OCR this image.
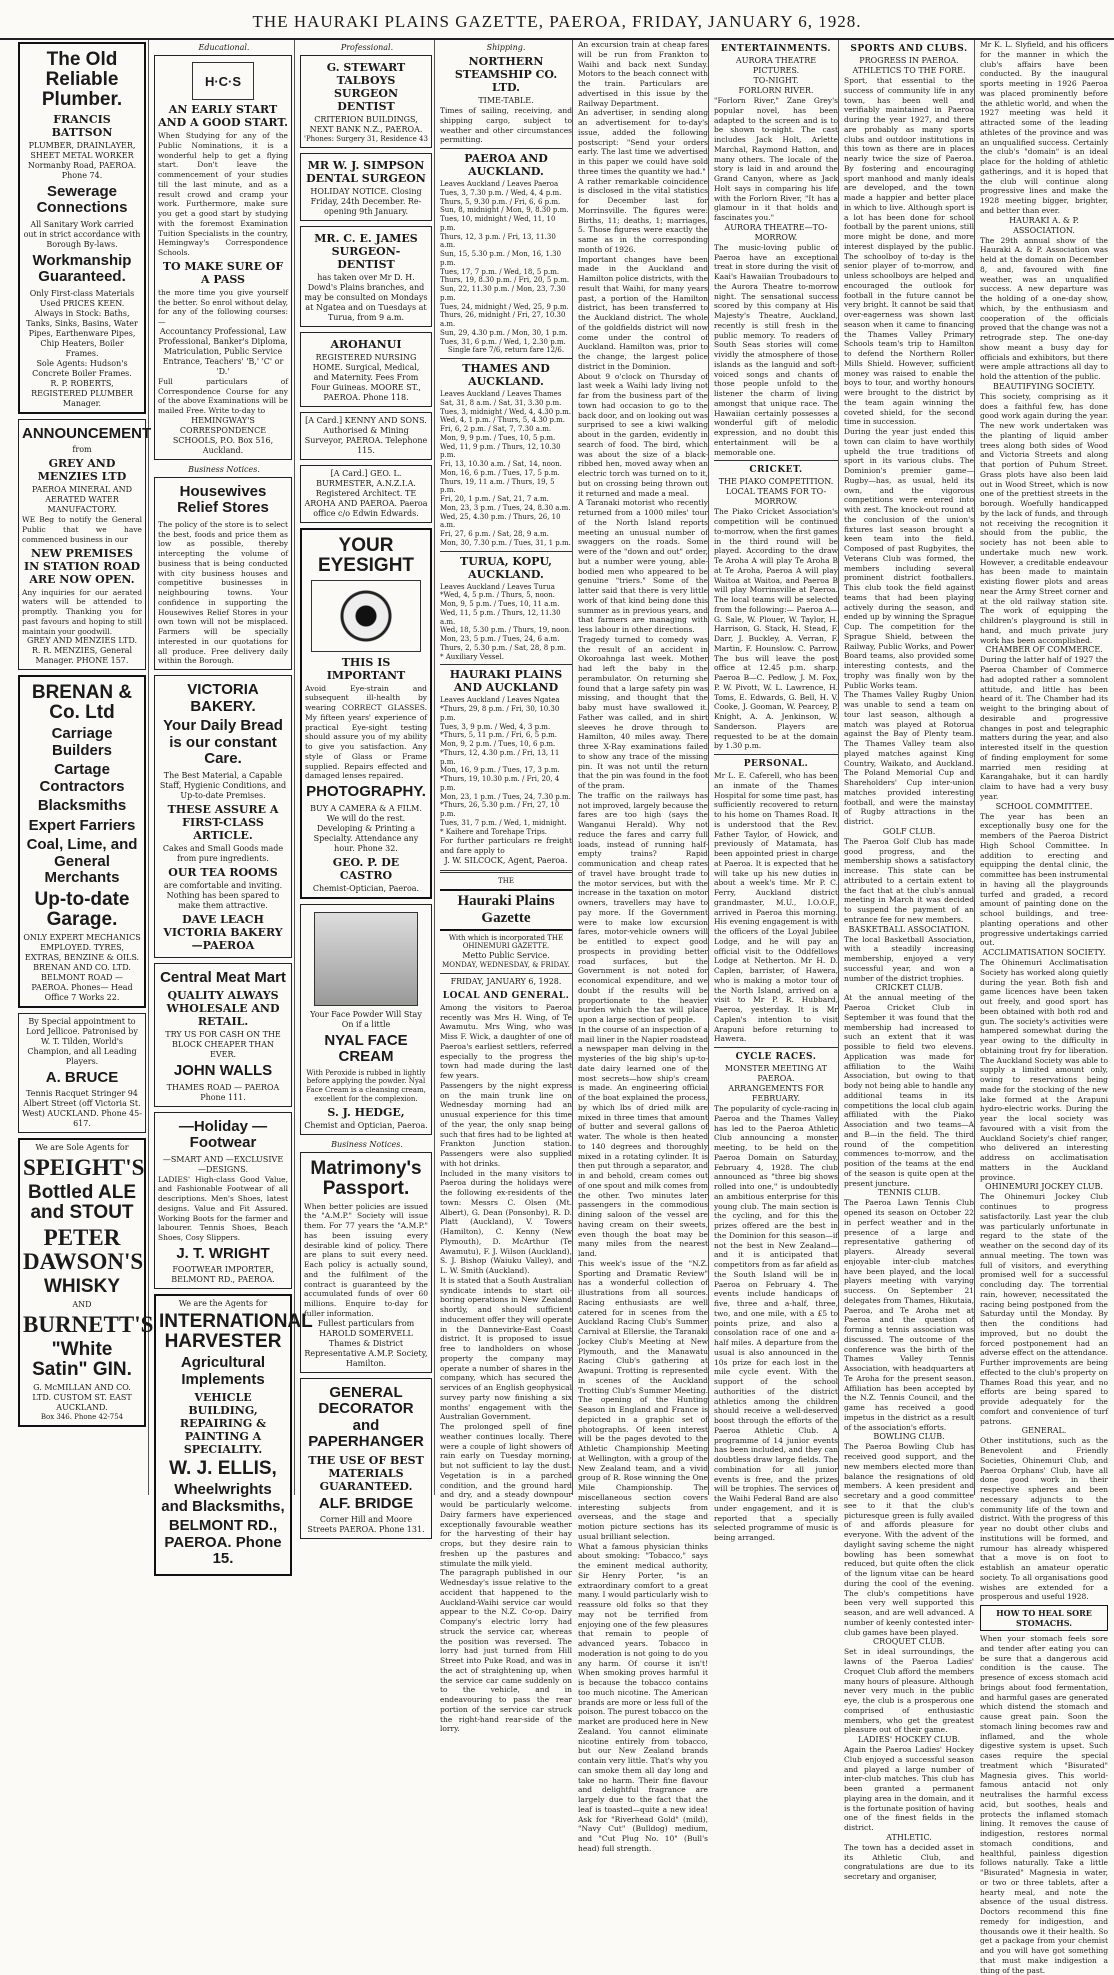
THE HAURAKI PLAINS GAZETTE, PAEROA, FRIDAY, JANUARY 6, 1928.
The Old Reliable Plumber.
FRANCIS BATTSON
PLUMBER, DRAINLAYER, SHEET METAL WORKER
Normanby Road, PAEROA. Phone 74.
Sewerage Connections
All Sanitary Work carried out in strict accordance with Borough By-laws.
Workmanship Guaranteed.
Only First-class Materials Used PRICES KEEN.
Always in Stock: Baths, Tanks, Sinks, Basins, Water Pipes, Earthenware Pipes, Chip Heaters, Boiler Frames.
Sole Agents: Hudson's Concrete Boiler Frames.
R. P. ROBERTS, REGISTERED PLUMBER Manager.
ANNOUNCEMENT
from
GREY AND MENZIES LTD
PAEROA MINERAL AND AERATED WATER MANUFACTORY.
WE Beg to notify the General Public that we have commenced business in our
NEW PREMISES IN STATION ROAD ARE NOW OPEN.
Any inquiries for our aerated waters will be attended to promptly. Thanking you for past favours and hoping to still maintain your goodwill.
GREY AND MENZIES LTD. R. R. MENZIES, General Manager. PHONE 157.
BRENAN & Co. Ltd
Carriage Builders
Cartage Contractors
Blacksmiths
Expert Farriers
Coal, Lime, and General Merchants
Up-to-date Garage.
ONLY EXPERT MECHANICS EMPLOYED. TYRES, EXTRAS, BENZINE & OILS.
BRENAN AND CO. LTD. BELMONT ROAD — PAEROA. Phones— Head Office 7 Works 22.
By Special appointment to Lord Jellicoe. Patronised by W. T. Tilden, World's Champion, and all Leading Players.
A. BRUCE
Tennis Racquet Stringer 94 Albert Street (off Victoria St. West) AUCKLAND. Phone 45-617.
We are Sole Agents for
SPEIGHT'S
Bottled ALE and STOUT
PETER DAWSON'S
WHISKY
AND
BURNETT'S
"White Satin" GIN.
G. McMILLAN AND CO. LTD. CUSTOM ST. EAST AUCKLAND.
Box 346. Phone 42-754
Educational.
H·C·S
AN EARLY START AND A GOOD START.
When Studying for any of the Public Nominations, it is a wonderful help to get a flying start. Don't leave the commencement of your studies till the last minute, and as a result crowd and cramp your work. Furthermore, make sure you get a good start by studying with the foremost Examination Tuition Specialists in the country, Hemingway's Correspondence Schools.
TO MAKE SURE OF A PASS
the more time you give yourself the better. So enrol without delay, for any of the following courses:—
Accountancy Professional, Law Professional, Banker's Diploma, Matriculation, Public Service Entrance, Teachers' 'B,' 'C' or 'D.'
Full particulars of Correspondence Course for any of the above Examinations will be mailed Free. Write to-day to
HEMINGWAY'S CORRESPONDENCE SCHOOLS, P.O. Box 516, Auckland.
Business Notices.
Housewives Relief Stores
The policy of the store is to select the best, foods and price them as low as possible, thereby intercepting the volume of business that is being conducted with city business houses and competitive businesses in neighbouring towns. Your confidence in supporting the Housewives Relief Stores in your own town will not be misplaced. Farmers will be specially interested in our quotations for all produce. Free delivery daily within the Borough.
VICTORIA BAKERY.
Your Daily Bread is our constant Care.
The Best Material, a Capable Staff, Hygienic Conditions, and Up-to-date Premises.
THESE ASSURE A FIRST-CLASS ARTICLE.
Cakes and Small Goods made from pure ingredients.
OUR TEA ROOMS
are comfortable and inviting. Nothing has been spared to make them attractive.
DAVE LEACH VICTORIA BAKERY—PAEROA
Central Meat Mart
QUALITY ALWAYS WHOLESALE AND RETAIL.
TRY US FOR CASH ON THE BLOCK CHEAPER THAN EVER.
JOHN WALLS
THAMES ROAD — PAEROA Phone 111.
—Holiday —Footwear
—SMART AND —EXCLUSIVE —DESIGNS.
LADIES' High-class Good Value, and Fashionable Footwear of all descriptions. Men's Shoes, latest designs. Value and Fit Assured. Working Boots for the farmer and labourer. Tennis Shoes, Beach Shoes, Cosy Slippers.
J. T. WRIGHT
FOOTWEAR IMPORTER, BELMONT RD., PAEROA.
We are the Agents for
INTERNATIONAL HARVESTER
Agricultural Implements
VEHICLE BUILDING, REPAIRING & PAINTING A SPECIALITY.
W. J. ELLIS,
Wheelwrights and Blacksmiths,
BELMONT RD., PAEROA. Phone 15.
Professional.
G. STEWART TALBOYS SURGEON DENTIST
CRITERION BUILDINGS, NEXT BANK N.Z., PAEROA.
'Phones: Surgery 31, Residence 43
MR W. J. SIMPSON DENTAL SURGEON
HOLIDAY NOTICE. Closing Friday, 24th December. Re-opening 9th January.
MR. C. E. JAMES SURGEON-DENTIST
has taken over Mr D. H. Dowd's Plains branches, and may be consulted on Mondays at Ngatea and on Tuesdays at Turua, from 9 a.m.
AROHANUI
REGISTERED NURSING HOME. Surgical, Medical, and Maternity. Fees From Four Guineas. MOORE ST., PAEROA. Phone 118.
[A Card.] KENNY AND SONS. Authorised & Mining Surveyor, PAEROA. Telephone 115.
[A Card.] GEO. L. BURMESTER, A.N.Z.I.A. Registered Architect. TE AROHA AND PAEROA. Paeroa office c/o Edwin Edwards.
YOUR EYESIGHT
THIS IS IMPORTANT
Avoid Eye-strain and subsequent ill-health by wearing CORRECT GLASSES. My fifteen years' experience of practical Eye-sight testing should assure you of my ability to give you satisfaction. Any style of Glass or Frame supplied. Repairs effected and damaged lenses repaired.
PHOTOGRAPHY.
BUY A CAMERA & A FILM. We will do the rest. Developing & Printing a Specialty. Attendance any hour. Phone 32.
GEO. P. DE CASTRO
Chemist-Optician, Paeroa.
Your Face Powder Will Stay On if a little
NYAL FACE CREAM
With Peroxide is rubbed in lightly before applying the powder. Nyal Face Cream is a cleansing cream, excellent for the complexion.
S. J. HEDGE,
Chemist and Optician, Paeroa.
Business Notices.
Matrimony's Passport.
When better policies are issued the "A.M.P." Society will issue them. For 77 years the "A.M.P." has been issuing every desirable kind of policy. There are plans to suit every need. Each policy is actually sound, and the fulfilment of the contract is guaranteed by the accumulated funds of over 60 millions. Enquire to-day for fuller information.
Fullest particulars from HAROLD SOMERVELL Thames & District Representative A.M.P. Society, Hamilton.
GENERAL DECORATOR and PAPERHANGER
THE USE OF BEST MATERIALS GUARANTEED.
ALF. BRIDGE
Corner Hill and Moore Streets PAEROA. Phone 131.
Shipping.
NORTHERN STEAMSHIP CO. LTD.
TIME-TABLE.
Times of sailing, receiving, and shipping cargo, subject to weather and other circumstances permitting.
PAEROA AND AUCKLAND.
Leaves Auckland / Leaves Paeroa
Tues, 3, 7.30 p.m. / Wed, 4, 4 p.m.
Thurs, 5, 9.30 p.m. / Fri, 6, 6 p.m.
Sun, 8, midnight / Mon, 9, 8.30 p.m.
Tues, 10, midnight / Wed, 11, 10 p.m.
Thurs, 12, 3 p.m. / Fri, 13, 11.30 a.m.
Sun, 15, 5.30 p.m. / Mon, 16, 1.30 p.m.
Tues, 17, 7 p.m. / Wed, 18, 5 p.m.
Thurs, 19, 8.30 p.m. / Fri, 20, 5 p.m.
Sun, 22, 11.30 p.m. / Mon, 23, 7.30 p.m.
Tues, 24, midnight / Wed, 25, 9 p.m.
Thurs, 26, midnight / Fri, 27, 10.30 a.m.
Sun, 29, 4.30 p.m. / Mon, 30, 1 p.m.
Tues, 31, 6 p.m. / Wed, 1, 2.30 p.m.
Single fare 7/6, return fare 12/6.
THAMES AND AUCKLAND.
Leaves Auckland / Leaves Thames
Sat, 31, 8 a.m. / Sat, 31, 3.30 p.m.
Tues, 3, midnight / Wed, 4, 4.30 p.m.
Wed, 4, 1 p.m. / Thurs, 5, 4.30 p.m.
Fri, 6, 2 p.m. / Sat, 7, 7.30 a.m.
Mon, 9, 9 p.m. / Tues, 10, 5 p.m.
Wed, 11, 9 p.m. / Thurs, 12, 10.30 p.m.
Fri, 13, 10.30 a.m. / Sat, 14, noon.
Mon, 16, 6 p.m. / Tues, 17, 5 p.m.
Thurs, 19, 11 a.m. / Thurs, 19, 5 p.m.
Fri, 20, 1 p.m. / Sat, 21, 7 a.m.
Mon, 23, 3 p.m. / Tues, 24, 8.30 a.m.
Wed, 25, 4.30 p.m. / Thurs, 26, 10 a.m.
Fri, 27, 6 p.m. / Sat, 28, 9 a.m.
Mon, 30, 7.30 p.m. / Tues, 31, 1 p.m.
TURUA, KOPU, AUCKLAND.
Leaves Auckland / Leaves Turua
*Wed, 4, 5 p.m. / Thurs, 5, noon.
Mon, 9, 5 p.m. / Tues, 10, 11 a.m.
Wed, 11, 5 p.m. / Thurs, 12, 11.30 a.m.
Wed, 18, 5.30 p.m. / Thurs, 19, noon.
Mon, 23, 5 p.m. / Tues, 24, 6 a.m.
Thurs, 2, 5.30 p.m. / Sat, 28, 8 p.m.
* Auxiliary Vessel.
HAURAKI PLAINS AND AUCKLAND
Leaves Auckland / Leaves Ngatea
*Thurs, 29, 8 p.m. / Fri, 30, 10.30 p.m.
Tues, 3, 9 p.m. / Wed, 4, 3 p.m.
*Thurs, 5, 11 p.m. / Fri, 6, 5 p.m.
Mon, 9, 2 p.m. / Tues, 10, 6 p.m.
*Thurs, 12, 4.30 p.m. / Fri, 13, 11 p.m.
Mon, 16, 9 p.m. / Tues, 17, 3 p.m.
*Thurs, 19, 10.30 p.m. / Fri, 20, 4 p.m.
Mon, 23, 1 p.m. / Tues, 24, 7.30 p.m.
*Thurs, 26, 5.30 p.m. / Fri, 27, 10 p.m.
Tues, 31, 7 p.m. / Wed, 1, midnight.
* Kaihere and Torehape Trips.
For further particulars re freight and fare apply to
J. W. SILCOCK, Agent, Paeroa.
THE
Hauraki Plains Gazette
With which is incorporated THE OHINEMURI GAZETTE.
Metto Public Service.
MONDAY, WEDNESDAY, & FRIDAY.
FRIDAY, JANUARY 6, 1928.
LOCAL AND GENERAL.
Among the visitors to Paeroa recently was Mrs H. Wing, of Te Awamutu. Mrs Wing, who was Miss F. Wick, a daughter of one of Paeroa's earliest settlers, referred especially to the progress the town had made during the last few years.
Passengers by the night express on the main trunk line on Wednesday morning had an unusual experience for this time of the year, the only snap being such that fires had to be lighted at Frankton Junction station. Passengers were also supplied with hot drinks.
Included in the many visitors to Paeroa during the holidays were the following ex-residents of the town: Messrs C. Olsen (Mt. Albert), G. Dean (Ponsonby), R. D. Platt (Auckland), V. Towers (Hamilton), C. Kenny (New Plymouth), D. McArthur (Te Awamutu), F. J. Wilson (Auckland), S. J. Bishop (Waiuku Valley), and L. W. Smith (Auckland).
It is stated that a South Australian syndicate intends to start oil-boring operations in New Zealand shortly, and should sufficient inducement offer they will operate in the Dannevirke-East Coast district. It is proposed to issue free to landholders on whose property the company may operate a number of shares in the company, which has secured the services of an English geophysical survey party now finishing a six months' engagement with the Australian Government.
The prolonged spell of fine weather continues locally. There were a couple of light showers of rain early on Tuesday morning, but not sufficient to lay the dust. Vegetation is in a parched condition, and the ground hard and dry, and a steady downpour would be particularly welcome. Dairy farmers have experienced exceptionally favourable weather for the harvesting of their hay crops, but they desire rain to freshen up the pastures and stimulate the milk yield.
The paragraph published in our Wednesday's issue relative to the accident that happened to the Auckland-Waihi service car would appear to the N.Z. Co-op. Dairy Company's electric lorry had struck the service car, whereas the position was reversed. The lorry had just turned from Hill Street into Puke Road, and was in the act of straightening up, when the service car came suddenly on to the vehicle, and in endeavouring to pass the rear portion of the service car struck the right-hand rear-side of the lorry.
An excursion train at cheap fares will be run from Frankton to Waihi and back next Sunday. Motors to the beach connect with the train. Particulars are advertised in this issue by the Railway Department.
An advertiser, in sending along an advertisement for to-day's issue, added the following postscript: "Send your orders early. The last time we advertised in this paper we could have sold three times the quantity we had."
A rather remarkable coincidence is disclosed in the vital statistics for December last for Morrinsville. The figures were: Births, 11; deaths, 1; marriages, 5. Those figures were exactly the same as in the corresponding month of 1926.
Important changes have been made in the Auckland and Hamilton police districts, with the result that Waihi, for many years past, a portion of the Hamilton district, has been transferred to the Auckland district. The whole of the goldfields district will now come under the control of Auckland. Hamilton was, prior to the change, the largest police district in the Dominion.
About 9 o'clock on Thursday of last week a Waihi lady living not far from the business part of the town had occasion to go to the back door, and on looking out was surprised to see a kiwi walking about in the garden, evidently in search of food. The bird, which was about the size of a black-ribbed hen, moved away when an electric torch was turned on to it, but on crossing being thrown out it returned and made a meal.
A Taranaki motorist who recently returned from a 1000 miles' tour of the North Island reports meeting an unusual number of swaggers on the roads. Some were of the "down and out" order, but a number were young, able-bodied men who appeared to be genuine "triers." Some of the latter said that there is very little work of that kind being done this summer as in previous years, and that farmers are managing with less labour in other directions.
Tragedy turned to comedy was the result of an accident in Okoroahnga last week. Mother had left the baby in the perambulator. On returning she found that a large safety pin was missing, and thought that the baby must have swallowed it. Father was called, and in shirt sleeves he drove through to Hamilton, 40 miles away. There three X-Ray examinations failed to show any trace of the missing pin. It was not until the return that the pin was found in the foot of the pram.
The traffic on the railways has not improved, largely because the fares are too high (says the Wanganui Herald). Why not reduce the fares and carry full loads, instead of running half-empty trains? Rapid communication and cheap rates of travel have brought trade to the motor services, but with the increase in the taxation on motor owners, travellers may have to pay more. If the Government were to make low excursion fares, motor-vehicle owners will be entitled to expect good prospects in providing better road surfaces, but the Government is not noted for economical expenditure, and we doubt if the results will be proportionate to the heavier burden which the tax will place upon a large section of people.
In the course of an inspection of a mail liner in the Napier roadstead a newspaper man delving in the mysteries of the big ship's up-to-date dairy learned one of the most secrets—how ship's cream is made. An engineering official of the boat explained the process, by which lbs of dried milk are mixed in three times that amount of butter and several gallons of water. The whole is then heated to 140 degrees and thoroughly mixed in a rotating cylinder. It is then put through a separator, and in and behold, cream comes out of one spout and milk comes from the other. Two minutes later passengers in the commodious dining saloon of the vessel are having cream on their sweets, even though the boat may be many miles from the nearest land.
This week's issue of the "N.Z. Sporting and Dramatic Review" has a wonderful collection of illustrations from all sources. Racing enthusiasts are well catered for in scenes from the Auckland Racing Club's Summer Carnival at Ellerslie, the Taranaki Jockey Club's Meeting at New Plymouth, and the Manawatu Racing Club's gathering at Awapuni. Trotting is represented in scenes of the Auckland Trotting Club's Summer Meeting. The opening of the Hunting Season in England and France is depicted in a graphic set of photographs. Of keen interest will be the pages devoted to the Athletic Championship Meeting at Wellington, with a group of the New Zealand team, and a vivid group of R. Rose winning the One Mile Championship. The miscellaneous section covers interesting subjects from overseas, and the stage and motion picture sections has its usual brilliant selection.
What a famous physician thinks about smoking: "Tobacco," says the eminent medical authority, Sir Henry Porter, "is an extraordinary comfort to a great many. I would particularly wish to reassure old folks so that they may not be terrified from enjoying one of the few pleasures that remain to people of advanced years. Tobacco in moderation is not going to do you any harm. Of course it isn't! When smoking proves harmful it is because the tobacco contains too much nicotine. The American brands are more or less full of the poison. The purest tobacco on the market are produced here in New Zealand. You cannot eliminate nicotine entirely from tobacco, but our New Zealand brands contain very little. That's why you can smoke them all day long and take no harm. Their fine flavour and delightful fragrance are largely due to the fact that the leaf is toasted—quite a new idea! Ask for "Riverhead Gold" (mild), "Navy Cut" (Bulldog) medium, and "Cut Plug No. 10" (Bull's head) full strength.
ENTERTAINMENTS.
AURORA THEATRE PICTURES.
TO-NIGHT.
FORLORN RIVER.
"Forlorn River," Zane Grey's popular novel, has been adapted to the screen and is to be shown to-night. The cast includes Jack Holt, Arlette Marchal, Raymond Hatton, and many others. The locale of the story is laid in and around the Grand Canyon, where as Jack Holt says in comparing his life with the Forlorn River, "It has a glamour in it that holds and fascinates you."
AURORA THEATRE—TO-MORROW.
The music-loving public of Paeroa have an exceptional treat in store during the visit of Kaai's Hawaiian Troubadours to the Aurora Theatre to-morrow night. The sensational success scored by this company at His Majesty's Theatre, Auckland, recently is still fresh in the public memory. To readers of South Seas stories will come vividly the atmosphere of those islands as the languid and soft-voiced songs and chants of those people unfold to the listener the charm of living amongst that unique race. The Hawaiian certainly possesses a wonderful gift of melodic expression, and no doubt this entertainment will be a memorable one.
CRICKET.
THE PIAKO COMPETITION.
LOCAL TEAMS FOR TO-MORROW.
The Piako Cricket Association's competition will be continued to-morrow, when the first games in the third round will be played. According to the draw Te Aroha A will play Te Aroha B at Te Aroha, Paeroa A will play Waitoa at Waitoa, and Paeroa B will play Morrinsville at Paeroa. The local teams will be selected from the following:— Paeroa A—G. Sale, W. Plouer, W. Taylor, H. Harrison, G. Stack, H. Stead, F. Darr, J. Buckley, A. Verran, F. Martin, F. Hounslow. C. Parrow. The bus will leave the post office at 12.45 p.m. sharp. Paeroa B—C. Pedlow, J. M. Fox, P. W. Pivott, W. L. Lawrence, H. Toms, E. Edwards, G. Bell, H. V. Cooke, J. Gooman, W. Pearcey, P. Knight, A. A. Jenkinson, W. Sanderson. Players are requested to be at the domain by 1.30 p.m.
PERSONAL.
Mr L. E. Caferell, who has been an inmate of the Thames Hospital for some time past, has sufficiently recovered to return to his home on Thames Road. It is understood that the Rev. Father Taylor, of Howick, and previously of Matamata, has been appointed priest in charge at Paeroa. It is expected that he will take up his new duties in about a week's time. Mr P. C. Ferry, Auckland district grandmaster, M.U., I.O.O.F., arrived in Paeroa this morning. His evening engagement is with the officers of the Loyal Jubilee Lodge, and he will pay an official visit to the Oddfellows Lodge at Netherton. Mr H. D. Caplen, barrister, of Hawera, who is making a motor tour of the North Island, arrived on a visit to Mr P. R. Hubbard, Paeroa, yesterday. It is Mr Caplen's intention to visit Arapuni before returning to Hawera.
CYCLE RACES.
MONSTER MEETING AT PAEROA.
ARRANGEMENTS FOR FEBRUARY.
The popularity of cycle-racing in Paeroa and the Thames Valley has led to the Paeroa Athletic Club announcing a monster meeting, to be held on the Paeroa Domain on Saturday, February 4, 1928. The club announced as "three big shows rolled into one," is undoubtedly an ambitious enterprise for this young club. The main section is the cycling, and for this the prizes offered are the best in the Dominion for this season—if not the best in New Zealand—and it is anticipated that competitors from as far afield as the South Island will be in Paeroa on February 4. The events include handicaps of five, three and a-half, three, two, and one mile, with a £5 to points prize, and also a consolation race of one and a-half miles. A departure from the usual is also announced in the 10s prize for each lost in the mile cycle event. With the support of the school authorities of the district athletics among the children should receive a well-deserved boost through the efforts of the Paeroa Athletic Club. A programme of 14 junior events has been included, and they can doubtless draw large fields. The combination for all junior events is free, and the prizes will be trophies. The services of the Waihi Federal Band are also under engagement, and it is reported that a specially selected programme of music is being arranged.
SPORTS AND CLUBS.
PROGRESS IN PAEROA.
ATHLETICS TO THE FORE.
Sport, that essential to the success of community life in any town, has been well and verifiably maintained in Paeroa during the year 1927, and there are probably as many sports clubs and outdoor institutions in this town as there are in places nearly twice the size of Paeroa. By fostering and encouraging sport manhood and manly ideals are developed, and the town made a happier and better place in which to live. Although sport is a lot has been done for school football by the parent unions, still more might be done, and more interest displayed by the public. The schoolboy of to-day is the senior player of to-morrow, and unless schoolboys are helped and encouraged the outlook for football in the future cannot be very bright. It cannot be said that over-eagerness was shown last season when it came to financing the Thames Valley Primary Schools team's trip to Hamilton to defend the Northern Roller Mills Shield. However, sufficient money was raised to enable the boys to tour, and worthy honours were brought to the district by the team again winning the coveted shield, for the second time in succession.
During the year just ended this town can claim to have worthily upheld the true traditions of sport in its various clubs. The Dominion's premier game—Rugby—has, as usual, held its own, and the vigorous competitions were entered into with zest. The knock-out round at the conclusion of the union's fixtures last season brought a keen team into the field. Composed of past Rugbyites, the Veterans Club was formed, the members including several prominent district footballers. This club took the field against teams that had been playing actively during the season, and ended up by winning the Sprague Cup. The competition for the Sprague Shield, between the Railway, Public Works, and Power Board teams, also provided some interesting contests, and the trophy was finally won by the Public Works team.
The Thames Valley Rugby Union was unable to send a team on tour last season, although a match was played at Rotorua against the Bay of Plenty team. The Thames Valley team also played matches against King Country, Waikato, and Auckland. The Poland Memorial Cup and Shareholders' Cup inter-union matches provided interesting football, and were the mainstay of Rugby attractions in the district.
GOLF CLUB.
The Paeroa Golf Club has made good progress, and the membership shows a satisfactory increase. This state can be attributed to a certain extent to the fact that at the club's annual meeting in March it was decided to suspend the payment of an entrance fee for new members.
BASKETBALL ASSOCIATION.
The local Basketball Association, with a steadily increasing membership, enjoyed a very successful year, and won a number of the district trophies.
CRICKET CLUB.
At the annual meeting of the Paeroa Cricket Club in September it was found that the membership had increased to such an extent that it was possible to field two elevens. Application was made for affiliation to the Waihi Association, but owing to that body not being able to handle any additional teams in its competitions the local club again affiliated with the Piako Association and two teams—A and B—in the field. The third round of the competition commences to-morrow, and the position of the teams at the end of the season is quite open at the present juncture.
TENNIS CLUB.
The Paeroa Lawn Tennis Club opened its season on October 22 in perfect weather and in the presence of a large and representative gathering of players. Already several enjoyable inter-club matches have been played, and the local players meeting with varying success. On September 21 delegates from Thames, Hikutaia, Paeroa, and Te Aroha met at Paeroa and the question of forming a tennis association was discussed. The outcome of the conference was the birth of the Thames Valley Tennis Association, with headquarters at Te Aroha for the present season. Affiliation has been accepted by the N.Z. Tennis Council, and the game has received a good impetus in the district as a result of the association's efforts.
BOWLING CLUB.
The Paeroa Bowling Club has received good support, and the new members elected more than balance the resignations of old members. A keen president and secretary and a good committee see to it that the club's picturesque green is fully availed of and affords pleasure for everyone. With the advent of the daylight saving scheme the night bowling has been somewhat reduced, but quite often the click of the lignum vitae can be heard during the cool of the evening. The club's competitions have been very well supported this season, and are well advanced. A number of keenly contested inter-club games have been played.
CROQUET CLUB.
Set in ideal surroundings, the lawns of the Paeroa Ladies' Croquet Club afford the members many hours of pleasure. Although never very much in the public eye, the club is a prosperous one comprised of enthusiastic members, who get the greatest pleasure out of their game.
LADIES' HOCKEY CLUB.
Again the Paeroa Ladies' Hockey Club enjoyed a successful season and played a large number of inter-club matches. This club has been granted a permanent playing area in the domain, and it is the fortunate position of having one of the finest fields in the district.
ATHLETIC.
The town has a decided asset in its Athletic Club, and congratulations are due to its secretary and organiser,
Mr K. L. Slyfield, and his officers for the manner in which the club's affairs have been conducted. By the inaugural sports meeting in 1926 Paeroa was placed prominently before the athletic world, and when the 1927 meeting was held it attracted some of the leading athletes of the province and was an unqualified success. Certainly the club's "domain" is an ideal place for the holding of athletic gatherings, and it is hoped that the club will continue along progressive lines and make the 1928 meeting bigger, brighter, and better than ever.
HAURAKI A. & P. ASSOCIATION.
The 29th annual show of the Hauraki A. & P. Association was held at the domain on December 8, and, favoured with fine weather, was an unqualified success. A new departure was the holding of a one-day show, which, by the enthusiasm and cooperation of the officials proved that the change was not a retrograde step. The one-day show meant a busy day for officials and exhibitors, but there were ample attractions all day to hold the attention of the public.
BEAUTIFYING SOCIETY.
This society, comprising as it does a faithful few, has done good work again during the year. The new work undertaken was the planting of liquid amber trees along both sides of Wood and Victoria Streets and along that portion of Puhum Street. Grass plots have also been laid out in Wood Street, which is now one of the prettiest streets in the borough. Woefully handicapped by the lack of funds, and through not receiving the recognition it should from the public, the society has not been able to undertake much new work. However, a creditable endeavour has been made to maintain existing flower plots and areas near the Army Street corner and at the old railway station site. The work of equipping the children's playground is still in hand, and much private jury work has been accomplished.
CHAMBER OF COMMERCE.
During the latter half of 1927 the Paeroa Chamber of Commerce had adopted rather a somnolent attitude, and little has been heard of it. The Chamber had its weight to the bringing about of desirable and progressive changes in post and telegraphic matters during the year, and also interested itself in the question of finding employment for some married men residing at Karangahake, but it can hardly claim to have had a very busy year.
SCHOOL COMMITTEE.
The year has been an exceptionally busy one for the members of the Paeroa District High School Committee. In addition to erecting and equipping the dental clinic, the committee has been instrumental in having all the playgrounds turfed and graded, a record amount of painting done on the school buildings, and tree-planting operations and other progressive undertakings carried out.
ACCLIMATISATION SOCIETY.
The Ohinemuri Acclimatisation Society has worked along quietly during the year. Both fish and game licences have been taken out freely, and good sport has been obtained with both rod and gun. The society's activities were hampered somewhat during the year owing to the difficulty in obtaining trout fry for liberation. The Auckland Society was able to supply a limited amount only, owing to reservations being made for the stocking of the new lake formed at the Arapuni hydro-electric works. During the year the local society was favoured with a visit from the Auckland Society's chief ranger, who delivered an interesting address on acclimatisation matters in the Auckland province.
OHINEMURI JOCKEY CLUB.
The Ohinemuri Jockey Club continues to progress satisfactorily. Last year the club was particularly unfortunate in regard to the state of the weather on the second day of its annual meeting. The town was full of visitors, and everything promised well for a successful concluding day. The torrential rain, however, necessitated the racing being postponed from the Saturday until the Monday. By then the conditions had improved, but no doubt the forced postponement had an adverse effect on the attendance. Further improvements are being effected to the club's property on Thames Road this year, and no efforts are being spared to provide adequately for the comfort and convenience of turf patrons.
GENERAL.
Other institutions, such as the Benevolent and Friendly Societies, Ohinemuri Club, and Paeroa Orphans' Club, have all done good work in their respective spheres and been necessary adjuncts to the community life of the town and district. With the progress of this year no doubt other clubs and institutions will be formed, and rumour has already whispered that a move is on foot to establish an amateur operatic society. To all organisations good wishes are extended for a prosperous and useful 1928.
HOW TO HEAL SORE STOMACHS.
When your stomach feels sore and tender after eating you can be sure that a dangerous acid condition is the cause. The presence of excess stomach acid brings about food fermentation, and harmful gases are generated which distend the stomach and cause great pain. Soon the stomach lining becomes raw and inflamed, and the whole digestive system is upset. Such cases require the special treatment which "Bisurated" Magnesia gives. This world-famous antacid not only neutralises the harmful excess acid, but soothes, heals and protects the inflamed stomach lining. It removes the cause of indigestion, restores normal stomach conditions, and healthful, painless digestion follows naturally. Take a little "Bisurated" Magnesia in water, or two or three tablets, after a hearty meal, and note the absence of the usual distress. Doctors recommend this fine remedy for indigestion, and thousands owe it their health. So get a package from your chemist and you will have got something that must make indigestion a thing of the past.
